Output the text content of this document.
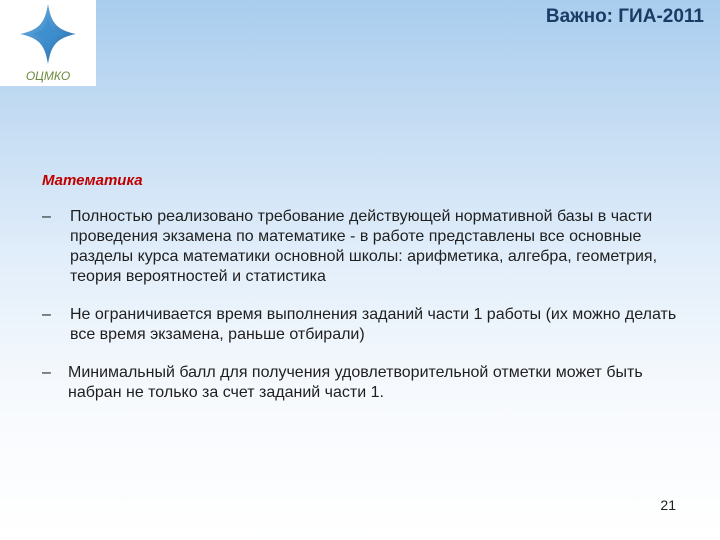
ОЦМКО
Важно: ГИА-2011

Математика

–	Полностью реализовано требование действующей нормативной базы в части проведения экзамена по математике - в работе представлены все основные разделы курса математики основной школы: арифметика, алгебра, геометрия, теория вероятностей и статистика
–	Не ограничивается время выполнения заданий части 1 работы (их можно делать все время экзамена, раньше отбирали)
–	Минимальный балл для получения удовлетворительной отметки может быть набран не только за счет заданий части 1.
21
